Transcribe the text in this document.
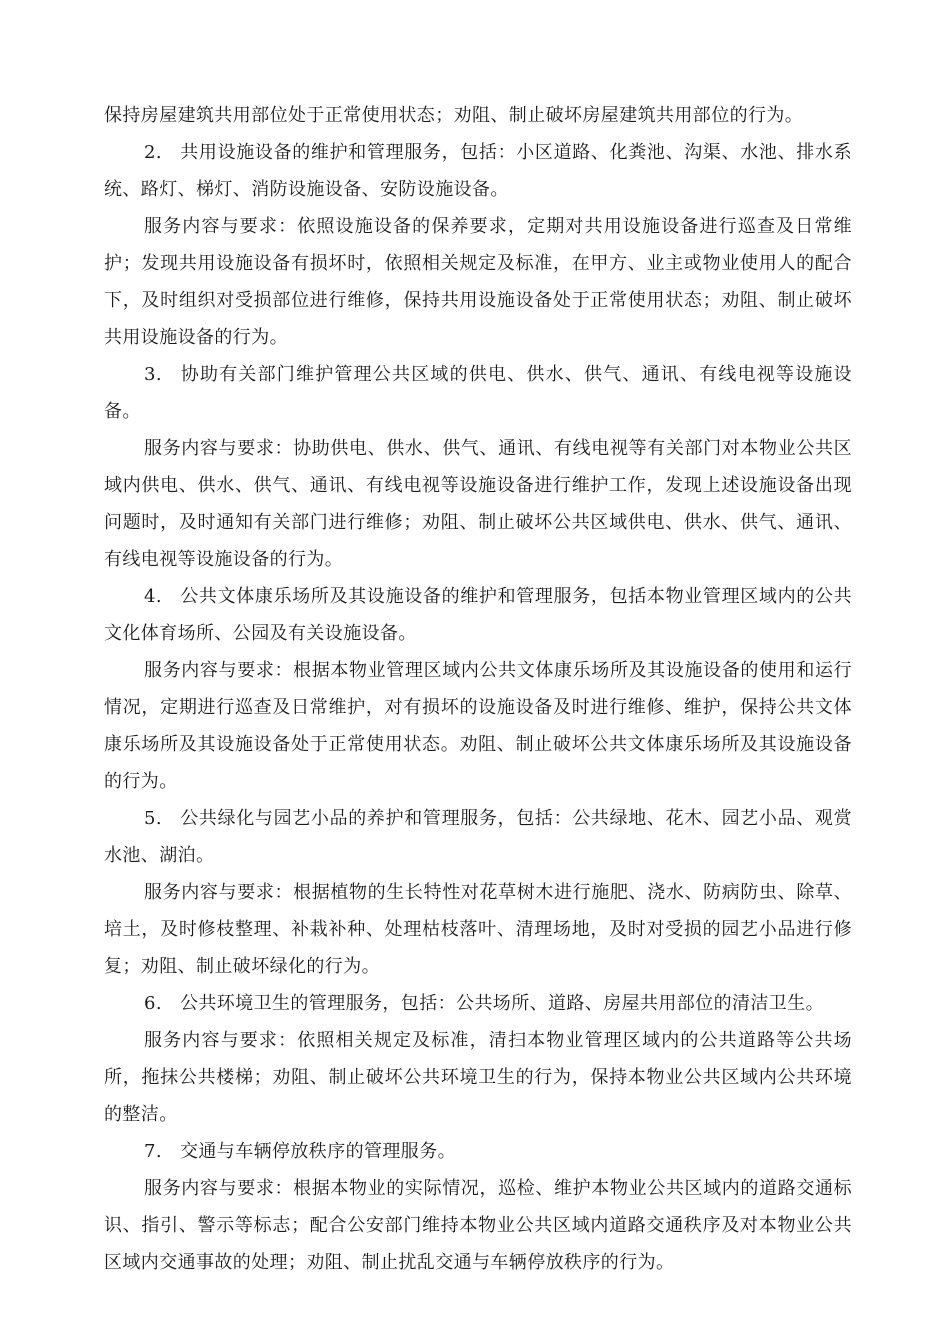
保持房屋建筑共用部位处于正常使用状态；劝阻、制止破坏房屋建筑共用部位的行为。

2. 共用设施设备的维护和管理服务，包括：小区道路、化粪池、沟渠、水池、排水系统、路灯、梯灯、消防设施设备、安防设施设备。

服务内容与要求：依照设施设备的保养要求，定期对共用设施设备进行巡查及日常维护；发现共用设施设备有损坏时，依照相关规定及标准，在甲方、业主或物业使用人的配合下，及时组织对受损部位进行维修，保持共用设施设备处于正常使用状态；劝阻、制止破坏共用设施设备的行为。

3. 协助有关部门维护管理公共区域的供电、供水、供气、通讯、有线电视等设施设备。

服务内容与要求：协助供电、供水、供气、通讯、有线电视等有关部门对本物业公共区域内供电、供水、供气、通讯、有线电视等设施设备进行维护工作，发现上述设施设备出现问题时，及时通知有关部门进行维修；劝阻、制止破坏公共区域供电、供水、供气、通讯、有线电视等设施设备的行为。

4. 公共文体康乐场所及其设施设备的维护和管理服务，包括本物业管理区域内的公共文化体育场所、公园及有关设施设备。

服务内容与要求：根据本物业管理区域内公共文体康乐场所及其设施设备的使用和运行情况，定期进行巡查及日常维护，对有损坏的设施设备及时进行维修、维护，保持公共文体康乐场所及其设施设备处于正常使用状态。劝阻、制止破坏公共文体康乐场所及其设施设备的行为。

5. 公共绿化与园艺小品的养护和管理服务，包括：公共绿地、花木、园艺小品、观赏水池、湖泊。

服务内容与要求：根据植物的生长特性对花草树木进行施肥、浇水、防病防虫、除草、培土，及时修枝整理、补栽补种、处理枯枝落叶、清理场地，及时对受损的园艺小品进行修复；劝阻、制止破坏绿化的行为。

6. 公共环境卫生的管理服务，包括：公共场所、道路、房屋共用部位的清洁卫生。

服务内容与要求：依照相关规定及标准，清扫本物业管理区域内的公共道路等公共场所，拖抹公共楼梯；劝阻、制止破坏公共环境卫生的行为，保持本物业公共区域内公共环境的整洁。

7. 交通与车辆停放秩序的管理服务。

服务内容与要求：根据本物业的实际情况，巡检、维护本物业公共区域内的道路交通标识、指引、警示等标志；配合公安部门维持本物业公共区域内道路交通秩序及对本物业公共区域内交通事故的处理；劝阻、制止扰乱交通与车辆停放秩序的行为。
